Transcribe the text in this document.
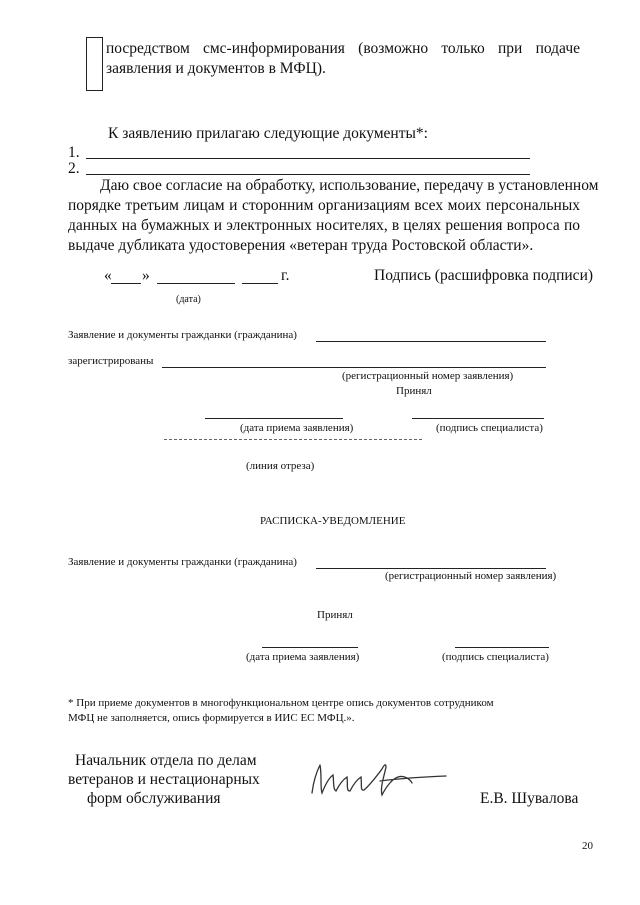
посредством смс-информирования (возможно только при подаче
заявления и документов в МФЦ).
К заявлению прилагаю следующие документы*:
1.
2.
Даю свое согласие на обработку, использование, передачу в установленном
порядке третьим лицам и сторонним организациям всех моих персональных
данных на бумажных и электронных носителях, в целях решения вопроса по
выдаче дубликата удостоверения «ветеран труда Ростовской области».
« »	г.	Подпись (расшифровка подписи)
(дата)
Заявление и документы гражданки (гражданина)
зарегистрированы
(регистрационный номер заявления)
Принял
(дата приема заявления)	(подпись специалиста)
(линия отреза)
РАСПИСКА-УВЕДОМЛЕНИЕ
Заявление и документы гражданки (гражданина)
(регистрационный номер заявления)
Принял
(дата приема заявления)	(подпись специалиста)
* При приеме документов в многофункциональном центре опись документов сотрудником
МФЦ не заполняется, опись формируется в ИИС ЕС МФЦ.».
Начальник отдела по делам
ветеранов и нестационарных
форм обслуживания	Е.В. Шувалова
20
